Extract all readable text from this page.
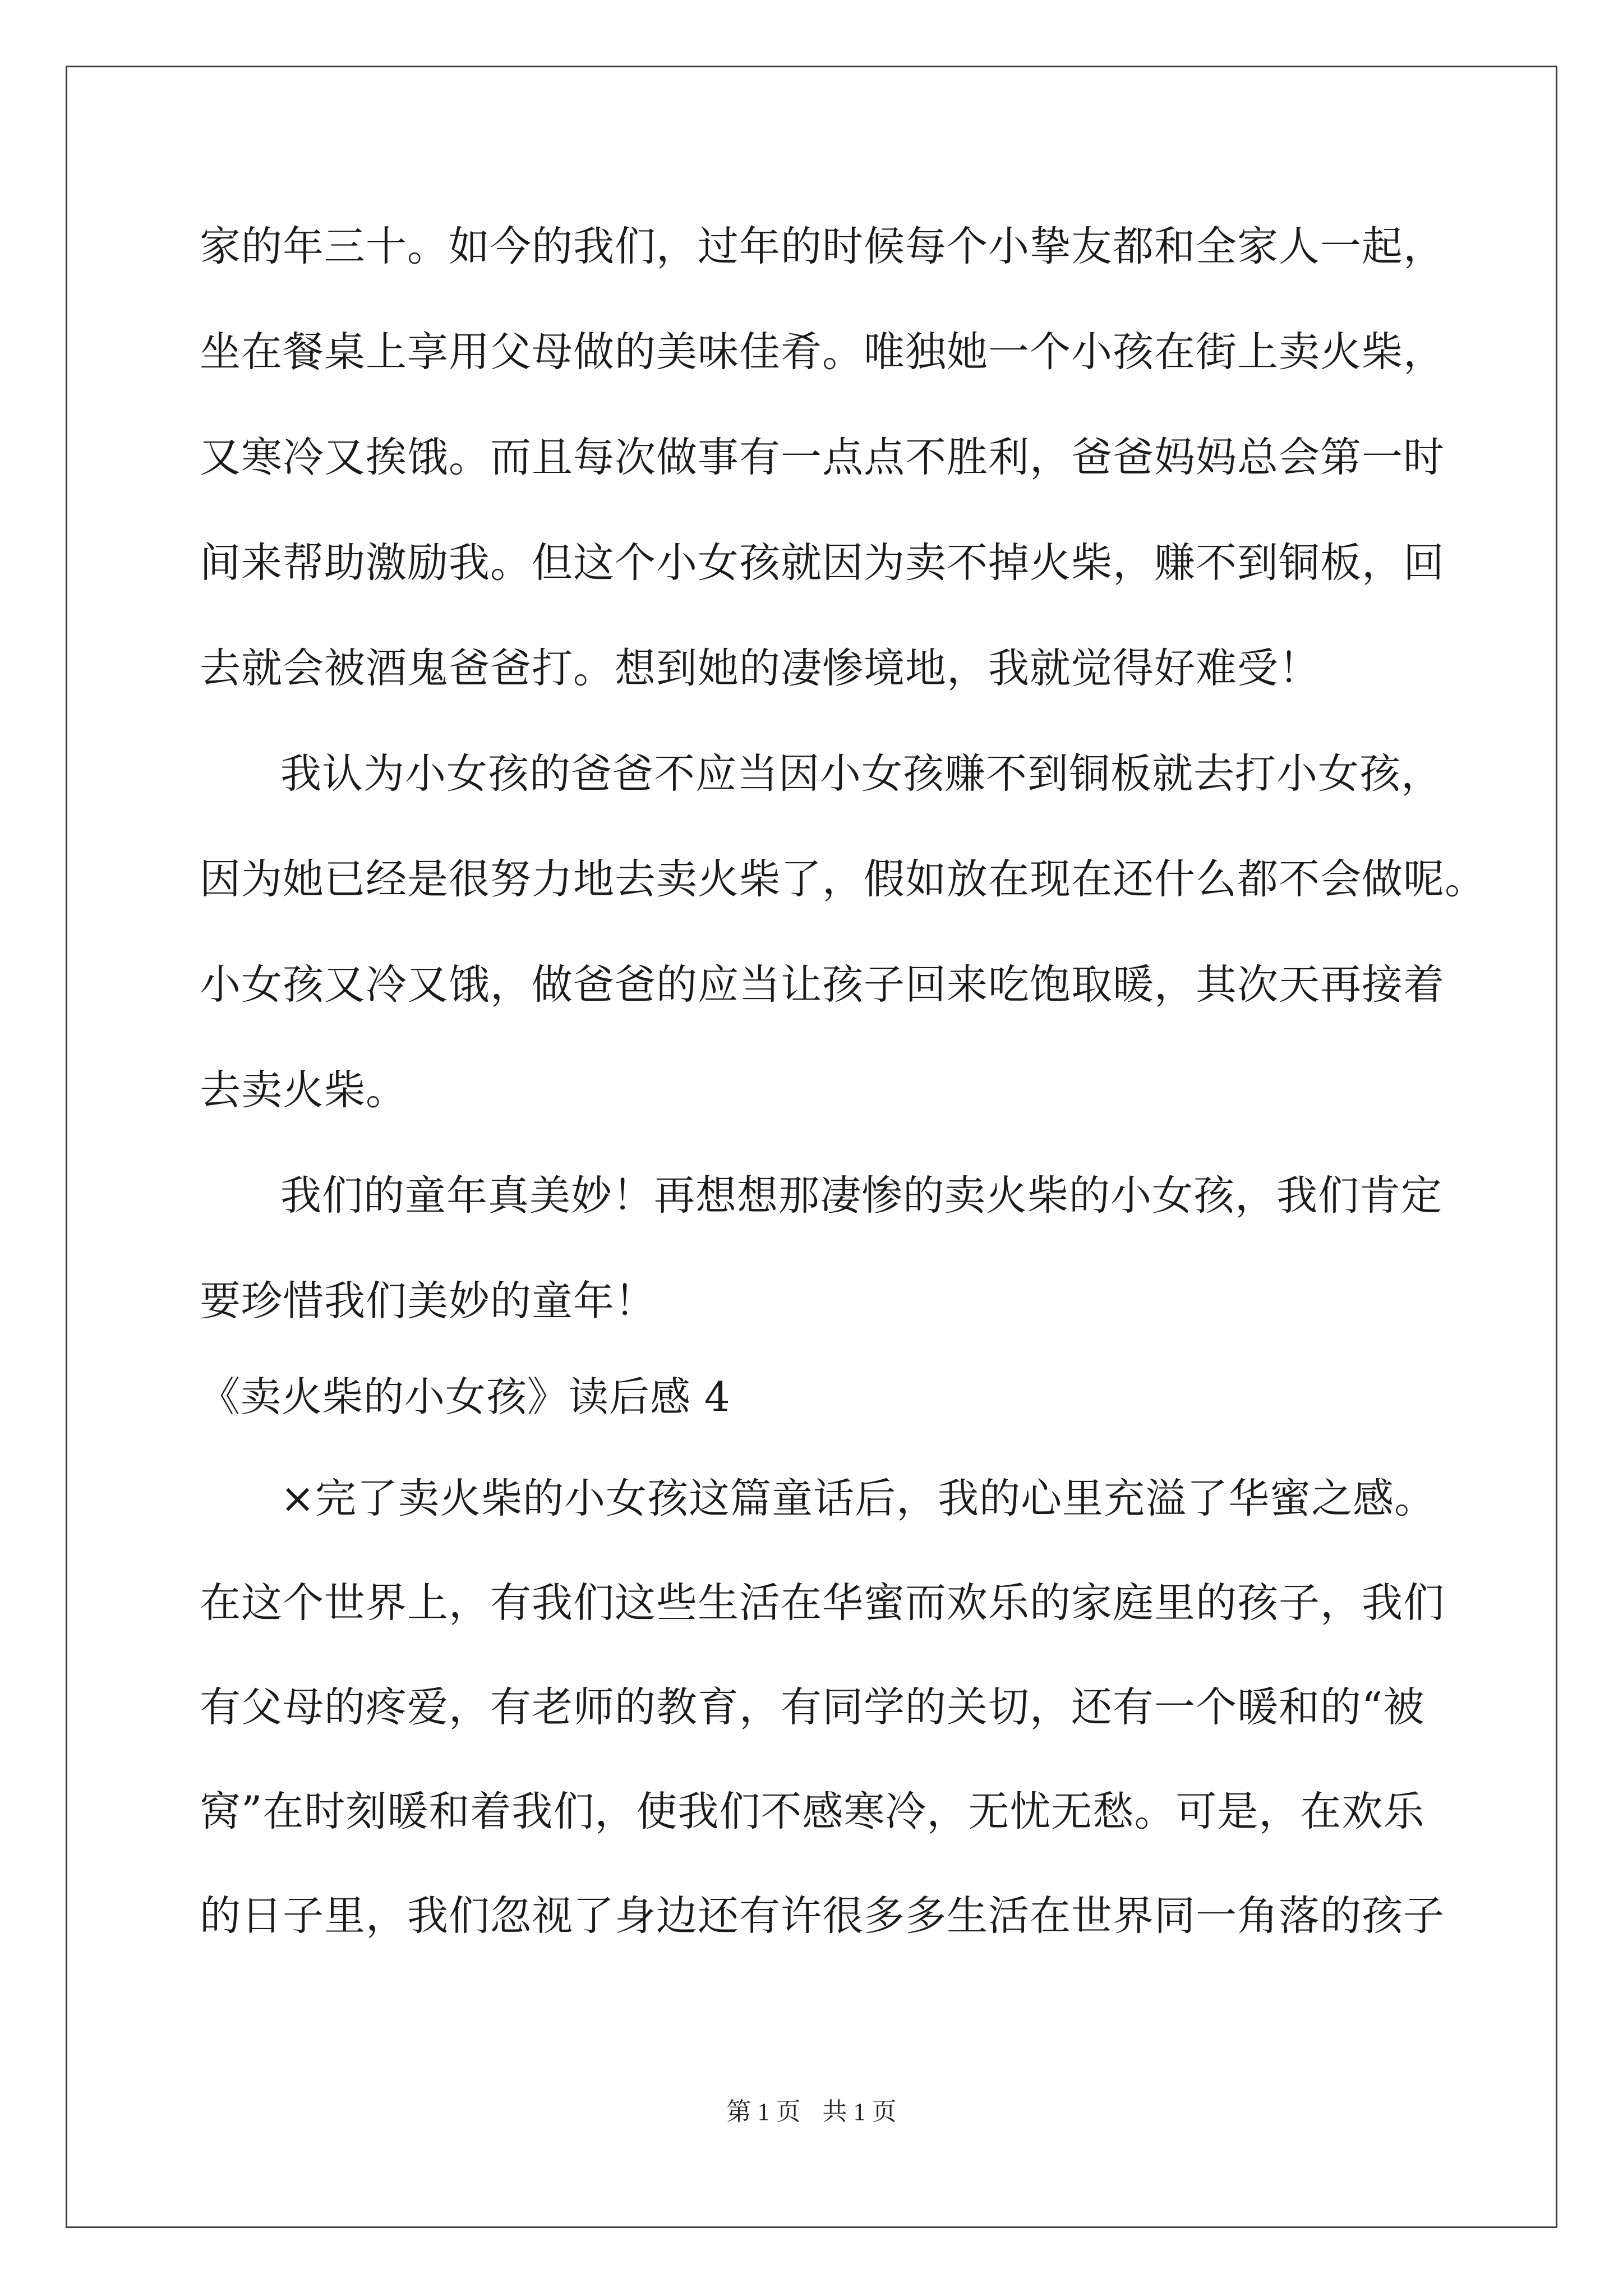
家的年三十。如今的我们，过年的时候每个小挚友都和全家人一起，
坐在餐桌上享用父母做的美味佳肴。唯独她一个小孩在街上卖火柴，
又寒冷又挨饿。而且每次做事有一点点不胜利，爸爸妈妈总会第一时
间来帮助激励我。但这个小女孩就因为卖不掉火柴，赚不到铜板，回
去就会被酒鬼爸爸打。想到她的凄惨境地，我就觉得好难受！
我认为小女孩的爸爸不应当因小女孩赚不到铜板就去打小女孩，
因为她已经是很努力地去卖火柴了，假如放在现在还什么都不会做呢。
小女孩又冷又饿，做爸爸的应当让孩子回来吃饱取暖，其次天再接着
去卖火柴。
我们的童年真美妙！再想想那凄惨的卖火柴的小女孩，我们肯定
要珍惜我们美妙的童年！
《卖火柴的小女孩》读后感 4
×完了卖火柴的小女孩这篇童话后，我的心里充溢了华蜜之感。
在这个世界上，有我们这些生活在华蜜而欢乐的家庭里的孩子，我们
有父母的疼爱，有老师的教育，有同学的关切，还有一个暖和的“被
窝”在时刻暖和着我们，使我们不感寒冷，无忧无愁。可是，在欢乐
的日子里，我们忽视了身边还有许很多多生活在世界同一角落的孩子
第 1 页 共 1 页
